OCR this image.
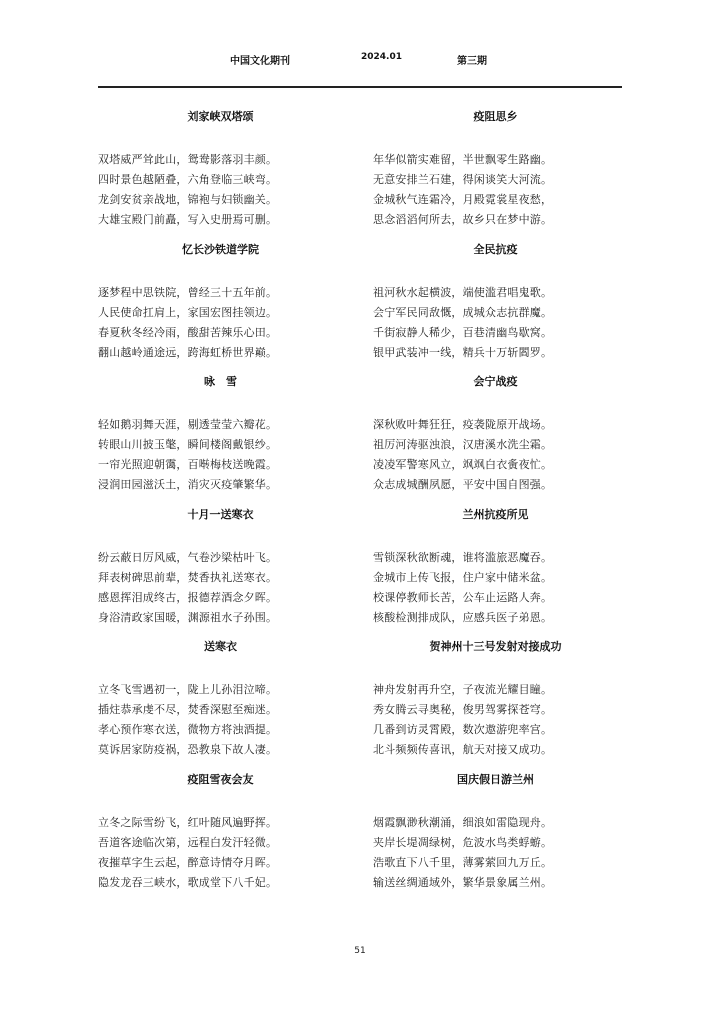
中国文化期刊	2024.01	第三期
刘家峡双塔颂
双塔威严耸此山，鸳鸯影落羽丰颜。
四时景色越陋叠，六角登临三峡弯。
龙剑安贫亲战地，锦袍与妇锁幽关。
大雄宝殿门前矗，写入史册焉可删。
忆长沙铁道学院
逐梦程中思铁院，曾经三十五年前。
人民使命扛肩上，家国宏图挂领边。
春夏秋冬经冷雨，酸甜苦辣乐心田。
翻山越岭通途远，跨海虹桥世界巅。
咏　雪
轻如鹅羽舞天涯，剔透莹莹六瓣花。
转眼山川披玉氅，瞬间楼阁戴银纱。
一帘光照迎朝霭，百啭梅枝送晚霞。
浸润田园滋沃土，消灾灭疫肇繁华。
十月一送寒衣
纷云蔽日厉风威，气卷沙梁枯叶飞。
拜表树碑思前辈，焚香执礼送寒衣。
感恩挥泪成终古，报德荐酒念夕晖。
身浴清政家国暖，渊源祖水子孙围。
送寒衣
立冬飞雪遇初一，陇上儿孙泪泣啼。
插炷恭承虔不尽，焚香深慰至痴迷。
孝心预作寒衣送，微物方将浊酒提。
莫诉居家防疫祸，恐教泉下故人凄。
疫阻雪夜会友
立冬之际雪纷飞，红叶随风遍野挥。
吾道客途临次第，远程白发汗轻微。
夜摧草字生云起，醉意诗情夺月晖。
隐发龙吞三峡水，歌成堂下八千妃。
疫阻思乡
年华似箭实难留，半世飘零生路幽。
无意安排兰石建，得闲谈笑大河流。
金城秋气连霜冷，月殿霓裳星夜愁，
思念滔滔何所去，故乡只在梦中游。
全民抗疫
祖河秋水起横波，端使滥君唱鬼歌。
会宁军民同敌慨，成城众志抗群魔。
千街寂静人稀少，百巷清幽鸟歇窝。
银甲武装冲一线，精兵十万斩閻罗。
会宁战疫
深秋败叶舞狂狂，疫袭陇原开战场。
祖厉河涛驱浊浪，汉唐溪水洗尘霜。
凌凌军警寒风立，飒飒白衣夤夜忙。
众志成城酬夙愿，平安中国自图强。
兰州抗疫所见
雪锁深秋欲断魂，谁将滥旅恶魔吞。
金城市上传飞报，住户家中储米盆。
校课停教师长苦，公车止运路人奔。
核酸检测排成队，应感兵医子弟恩。
贺神州十三号发射对接成功
神舟发射再升空，子夜流光耀目瞳。
秀女腾云寻奥秘，俊男驾雾探苍穹。
几番到访灵霄殿，数次遨游兜率宫。
北斗频频传喜讯，航天对接又成功。
国庆假日游兰州
烟霞飘渺秋潮涌，细浪如雷隐现舟。
夹岸长堤凋绿树，危波水鸟类蜉蝣。
浩歌直下八千里，薄雾萦回九万丘。
输送丝绸通域外，繁华景象属兰州。
51
